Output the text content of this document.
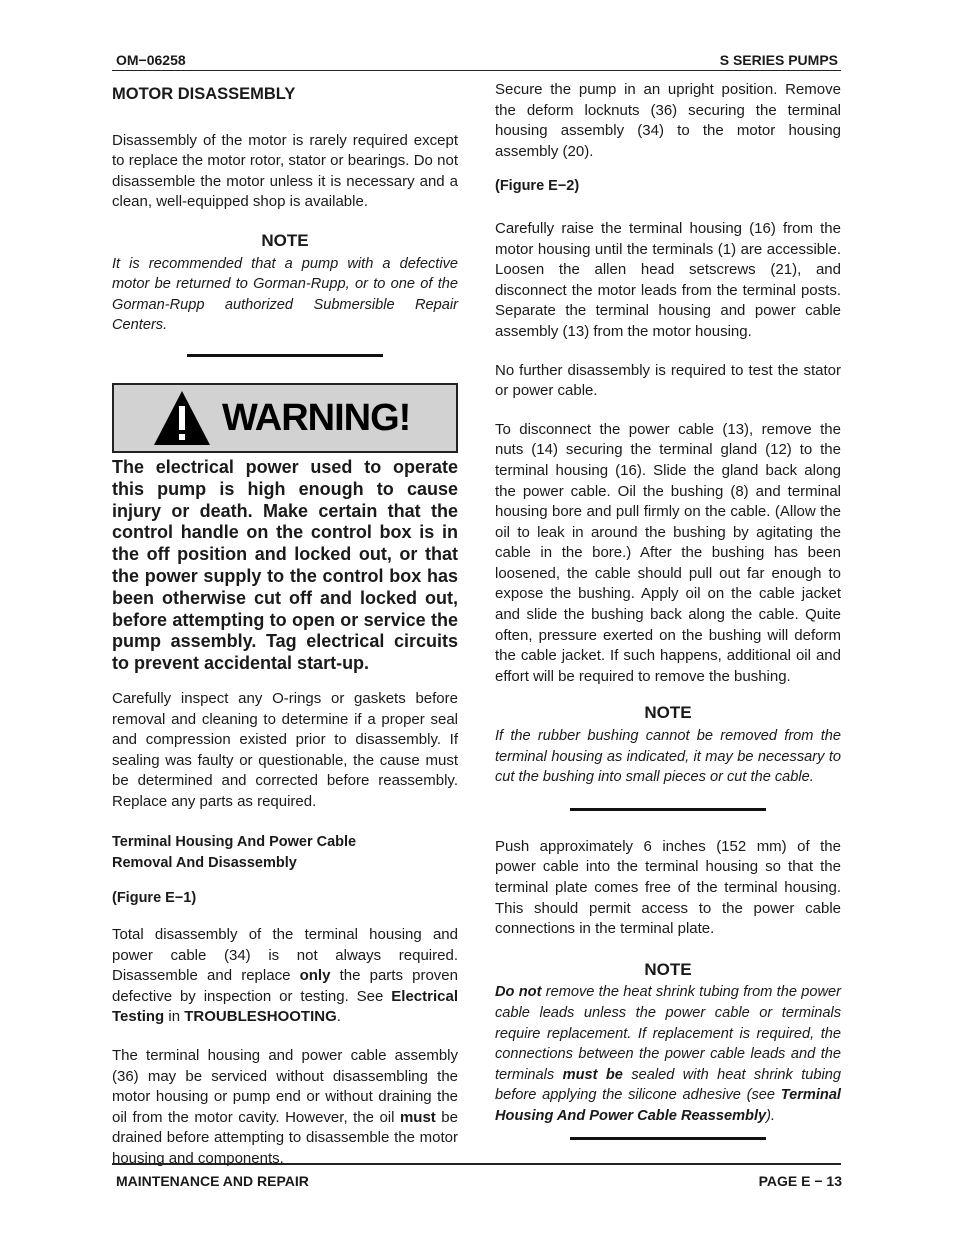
OM−06258	S SERIES PUMPS
MOTOR DISASSEMBLY

Disassembly of the motor is rarely required except to replace the motor rotor, stator or bearings. Do not disassemble the motor unless it is necessary and a clean, well-equipped shop is available.

NOTE
It is recommended that a pump with a defective motor be returned to Gorman-Rupp, or to one of the Gorman-Rupp authorized Submersible Repair Centers.
WARNING!
The electrical power used to operate this pump is high enough to cause injury or death. Make certain that the control handle on the control box is in the off position and locked out, or that the power supply to the control box has been otherwise cut off and locked out, before attempting to open or service the pump assembly. Tag electrical circuits to prevent accidental start-up.

Carefully inspect any O-rings or gaskets before removal and cleaning to determine if a proper seal and compression existed prior to disassembly. If sealing was faulty or questionable, the cause must be determined and corrected before reassembly. Replace any parts as required.

Terminal Housing And Power Cable
Removal And Disassembly
(Figure E−1)

Total disassembly of the terminal housing and power cable (34) is not always required. Disassemble and replace only the parts proven defective by inspection or testing. See Electrical Testing in TROUBLESHOOTING.

The terminal housing and power cable assembly (36) may be serviced without disassembling the motor housing or pump end or without draining the oil from the motor cavity. However, the oil must be drained before attempting to disassemble the motor housing and components.

Secure the pump in an upright position. Remove the deform locknuts (36) securing the terminal housing assembly (34) to the motor housing assembly (20).

(Figure E−2)

Carefully raise the terminal housing (16) from the motor housing until the terminals (1) are accessible. Loosen the allen head setscrews (21), and disconnect the motor leads from the terminal posts. Separate the terminal housing and power cable assembly (13) from the motor housing.

No further disassembly is required to test the stator or power cable.

To disconnect the power cable (13), remove the nuts (14) securing the terminal gland (12) to the terminal housing (16). Slide the gland back along the power cable. Oil the bushing (8) and terminal housing bore and pull firmly on the cable. (Allow the oil to leak in around the bushing by agitating the cable in the bore.) After the bushing has been loosened, the cable should pull out far enough to expose the bushing. Apply oil on the cable jacket and slide the bushing back along the cable. Quite often, pressure exerted on the bushing will deform the cable jacket. If such happens, additional oil and effort will be required to remove the bushing.

NOTE
If the rubber bushing cannot be removed from the terminal housing as indicated, it may be necessary to cut the bushing into small pieces or cut the cable.

Push approximately 6 inches (152 mm) of the power cable into the terminal housing so that the terminal plate comes free of the terminal housing. This should permit access to the power cable connections in the terminal plate.

NOTE
Do not remove the heat shrink tubing from the power cable leads unless the power cable or terminals require replacement. If replacement is required, the connections between the power cable leads and the terminals must be sealed with heat shrink tubing before applying the silicone adhesive (see Terminal Housing And Power Cable Reassembly).
MAINTENANCE AND REPAIR	PAGE E − 13
